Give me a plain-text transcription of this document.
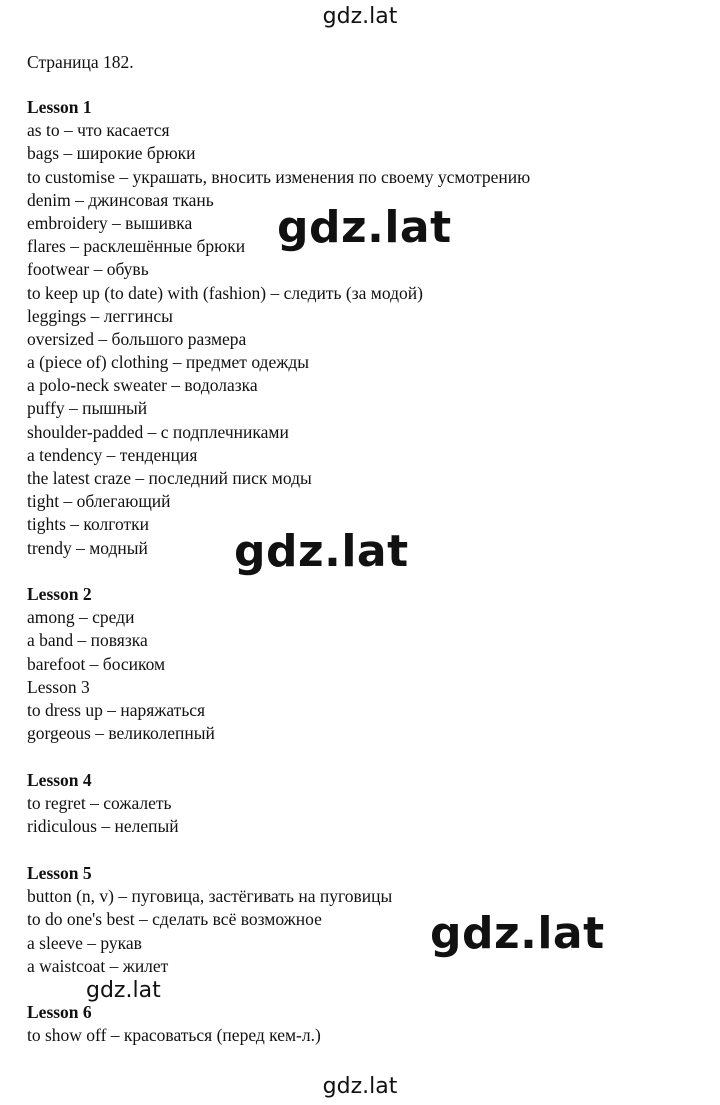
gdz.lat
Страница 182.
Lesson 1
as to – что касается
bags – широкие брюки
to customise – украшать, вносить изменения по своему усмотрению
denim – джинсовая ткань
embroidery – вышивка
flares – расклешённые брюки
footwear – обувь
to keep up (to date) with (fashion) – следить (за модой)
leggings – леггинсы
oversized – большого размера
a (piece of) clothing – предмет одежды
a polo-neck sweater – водолазка
puffy – пышный
shoulder-padded – с подплечниками
a tendency – тенденция
the latest craze – последний писк моды
tight – облегающий
tights – колготки
trendy – модный
Lesson 2
among – среди
a band – повязка
barefoot – босиком
Lesson 3
to dress up – наряжаться
gorgeous – великолепный
Lesson 4
to regret – сожалеть
ridiculous – нелепый
Lesson 5
button (n, v) – пуговица, застёгивать на пуговицы
to do one's best – сделать всё возможное
a sleeve – рукав
a waistcoat – жилет
Lesson 6
to show off – красоваться (перед кем-л.)
gdz.lat
gdz.lat
gdz.lat
gdz.lat
gdz.lat
